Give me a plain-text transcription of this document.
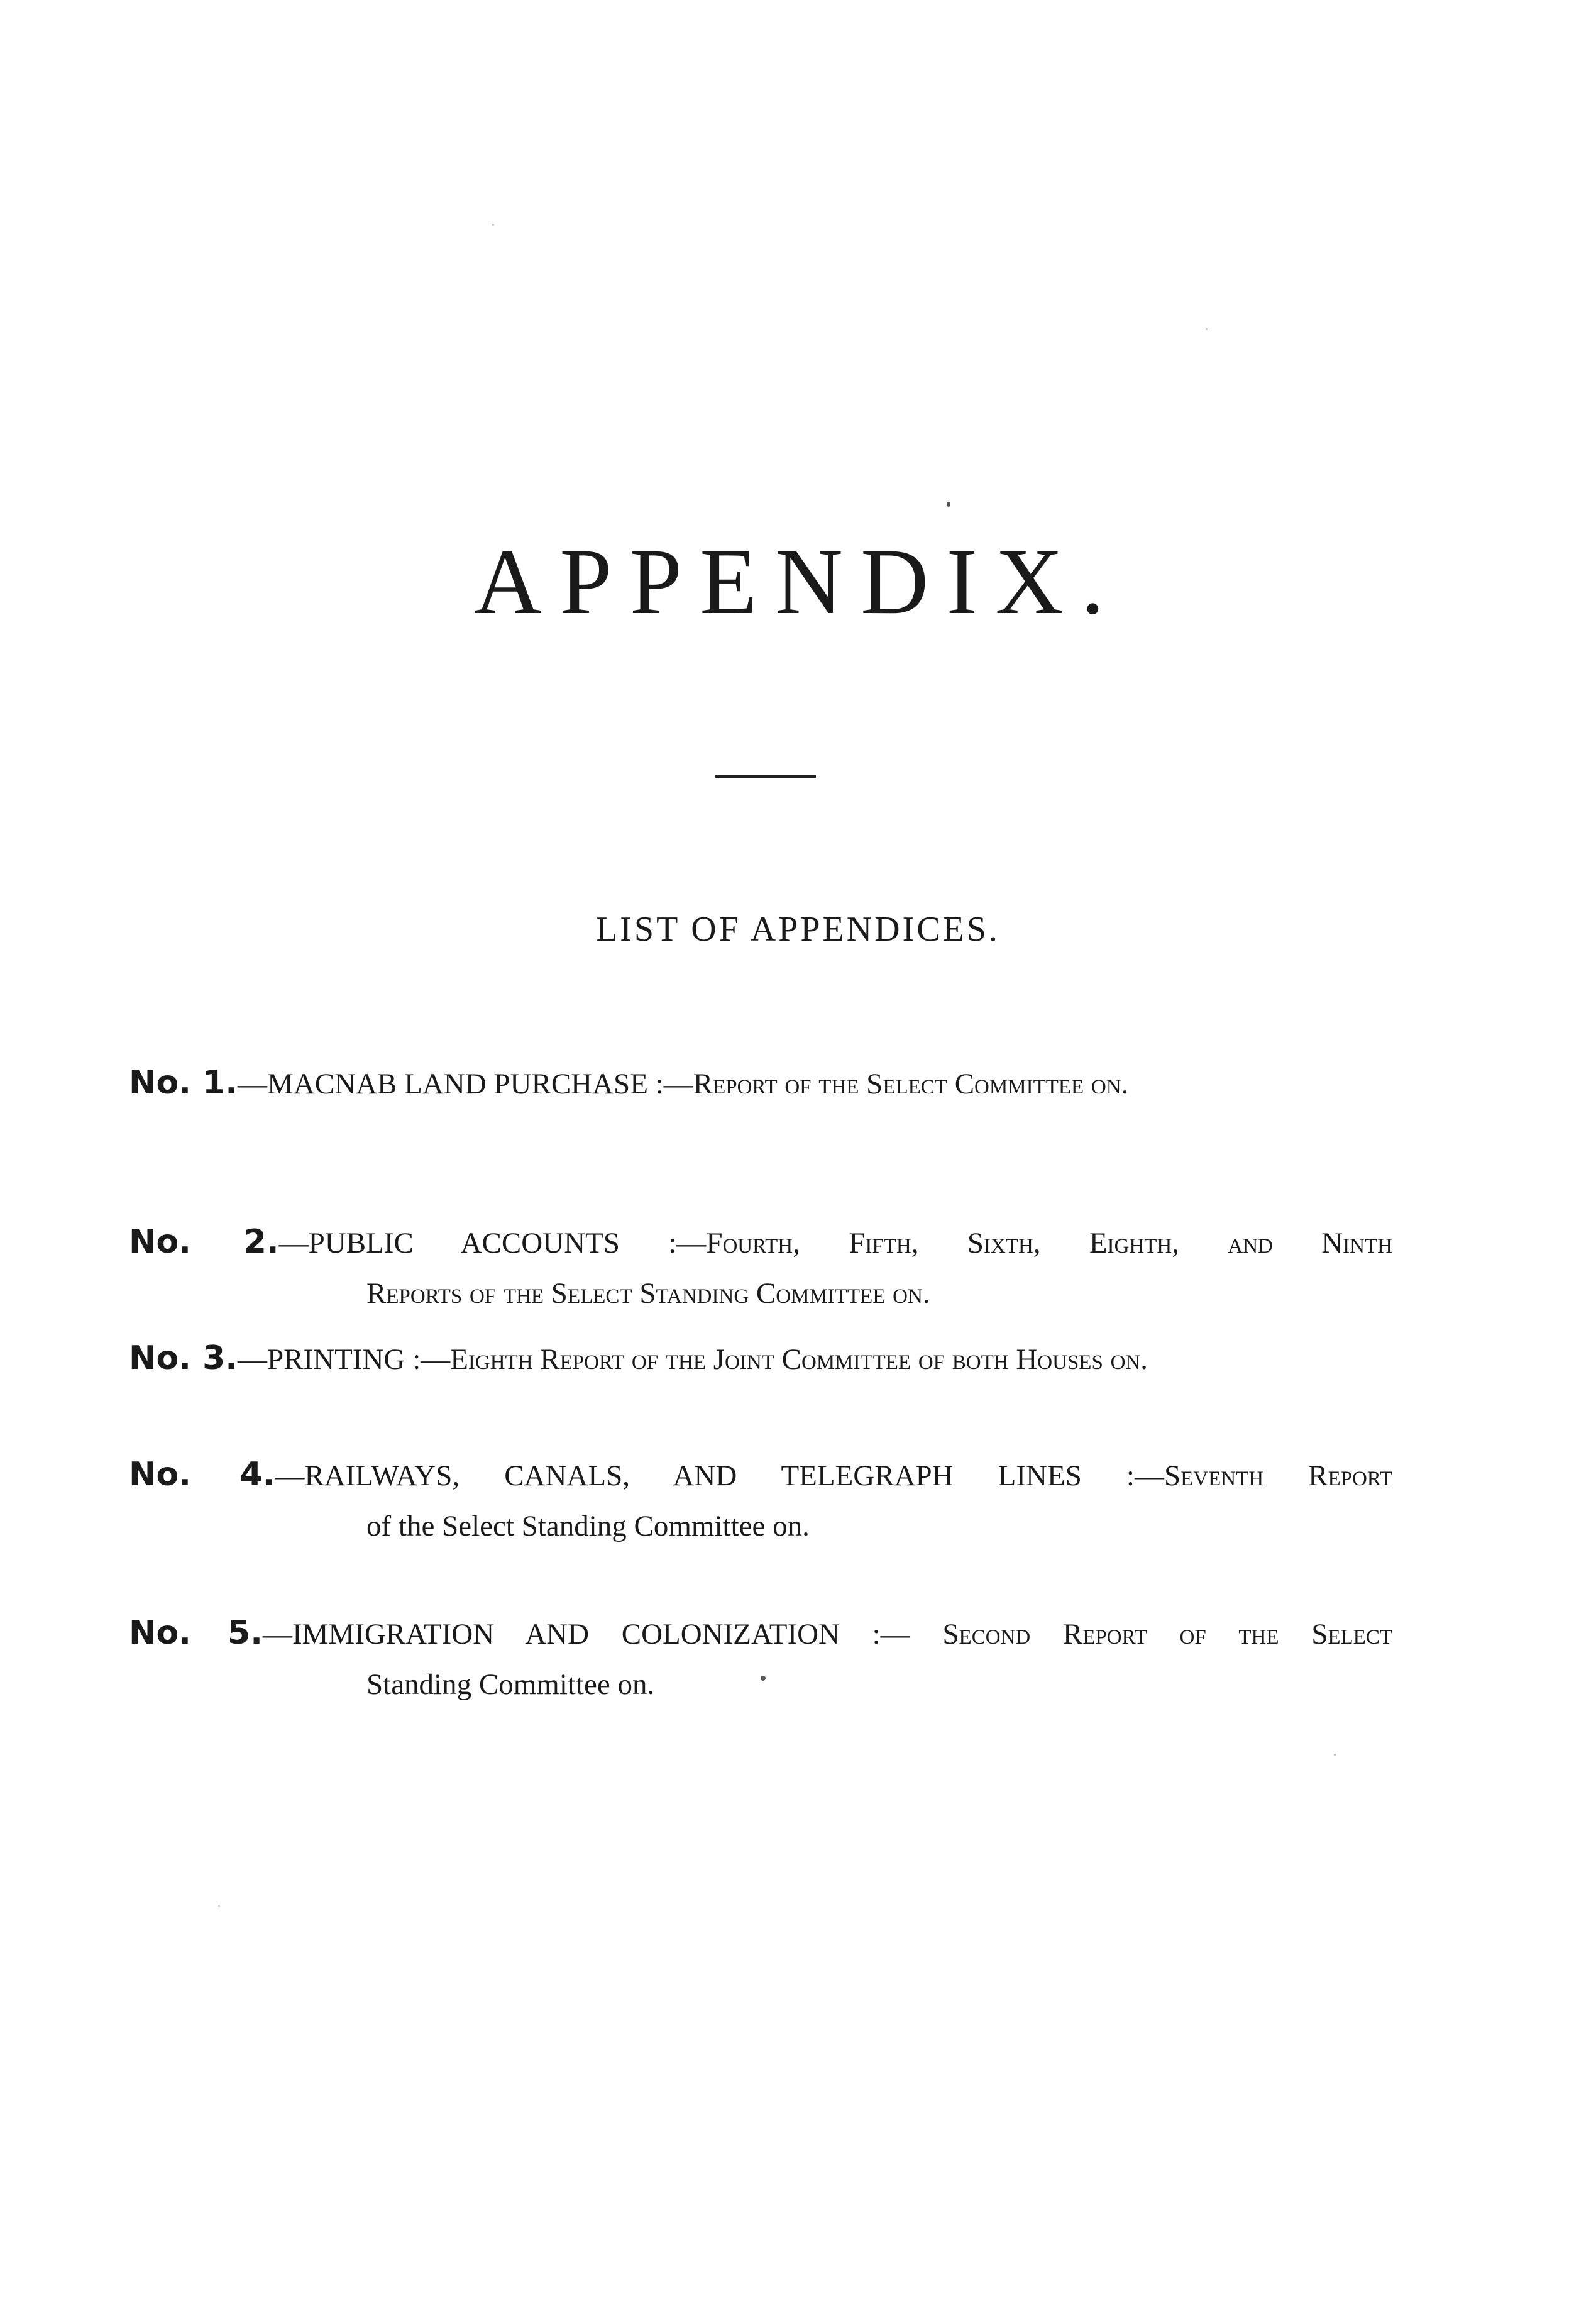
APPENDIX.
LIST OF APPENDICES.
No. 1.—MACNAB LAND PURCHASE :—Report of the Select Committee on.
No. 2.—PUBLIC ACCOUNTS :—Fourth, Fifth, Sixth, Eighth, and Ninth
Reports of the Select Standing Committee on.
No. 3.—PRINTING :—Eighth Report of the Joint Committee of both Houses on.
No. 4.—RAILWAYS, CANALS, AND TELEGRAPH LINES :—Seventh Report
of the Select Standing Committee on.
No. 5.—IMMIGRATION AND COLONIZATION :— Second Report of the Select
Standing Committee on.
